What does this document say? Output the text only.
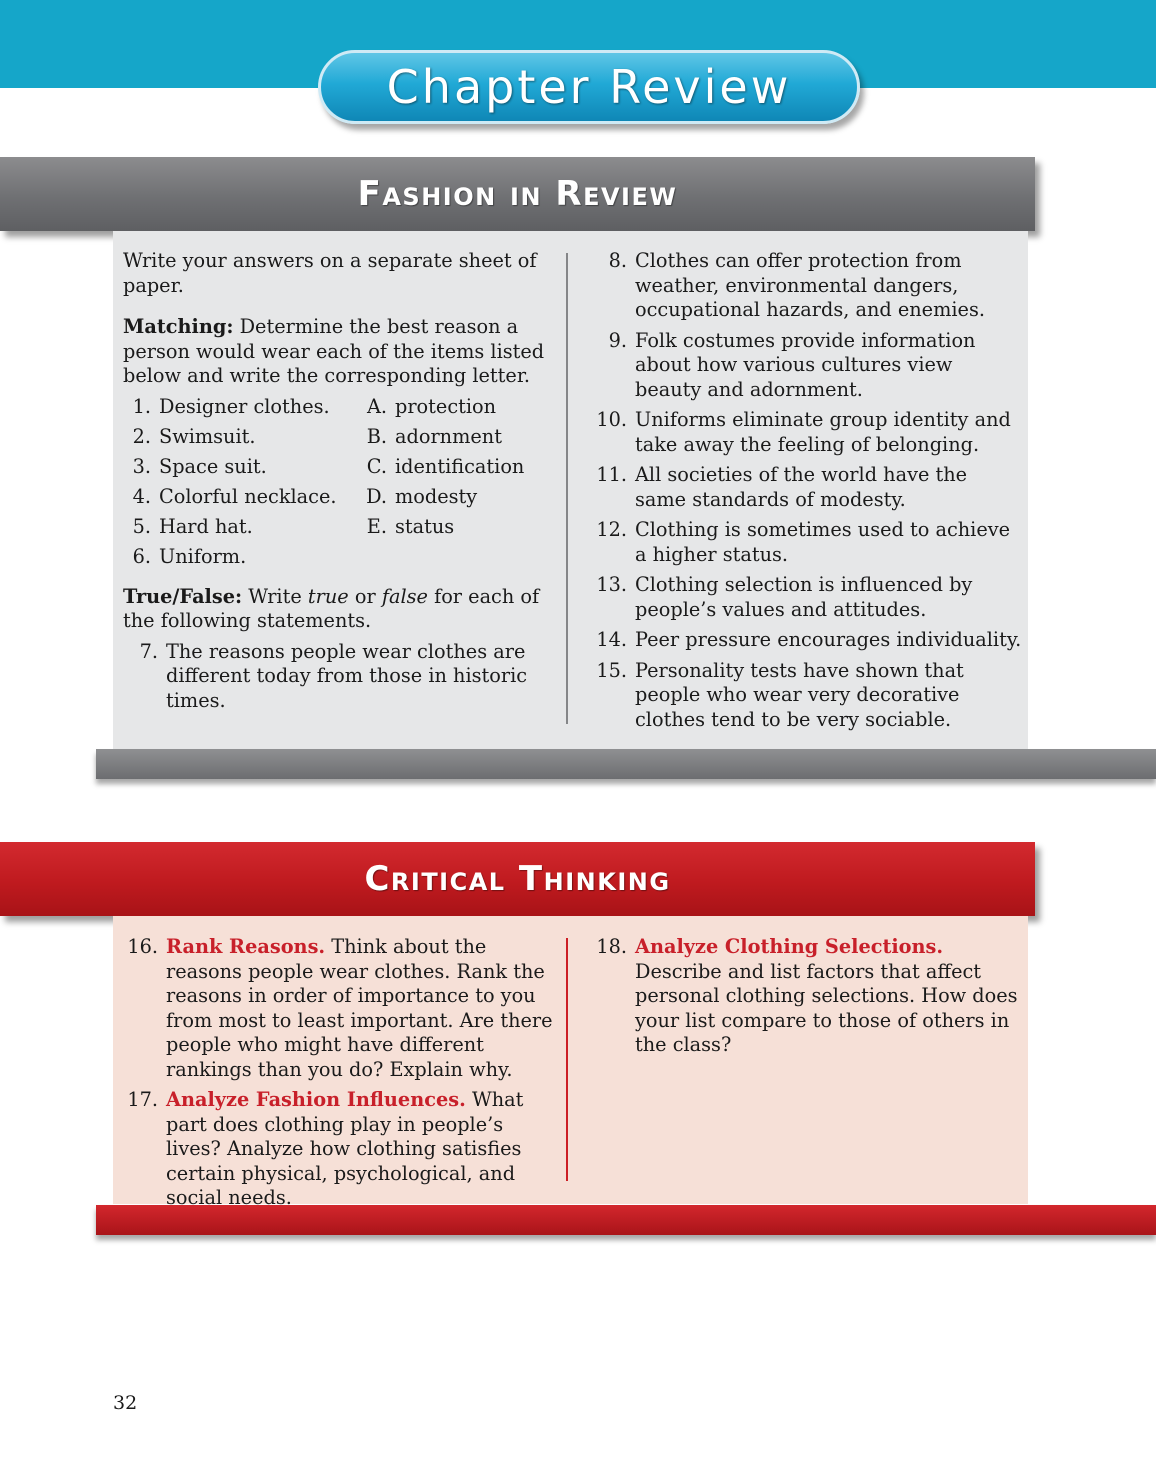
Chapter Review
Fashion in Review

Write your answers on a separate sheet of paper.

Matching: Determine the best reason a person would wear each of the items listed below and write the corresponding letter.

1. Designer clothes.	A. protection
2. Swimsuit.	B. adornment
3. Space suit.	C. identification
4. Colorful necklace.	D. modesty
5. Hard hat.	E. status
6. Uniform.

True/False: Write true or false for each of the following statements.

7. The reasons people wear clothes are different today from those in historic times.
8. Clothes can offer protection from weather, environmental dangers, occupational hazards, and enemies.
9. Folk costumes provide information about how various cultures view beauty and adornment.
10. Uniforms eliminate group identity and take away the feeling of belonging.
11. All societies of the world have the same standards of modesty.
12. Clothing is sometimes used to achieve a higher status.
13. Clothing selection is influenced by people’s values and attitudes.
14. Peer pressure encourages individuality.
15. Personality tests have shown that people who wear very decorative clothes tend to be very sociable.
Critical Thinking
16. Rank Reasons. Think about the reasons people wear clothes. Rank the reasons in order of importance to you from most to least important. Are there people who might have different rankings than you do? Explain why.
17. Analyze Fashion Influences. What part does clothing play in people’s lives? Analyze how clothing satisfies certain physical, psychological, and social needs.
18. Analyze Clothing Selections. Describe and list factors that affect personal clothing selections. How does your list compare to those of others in the class?
32
